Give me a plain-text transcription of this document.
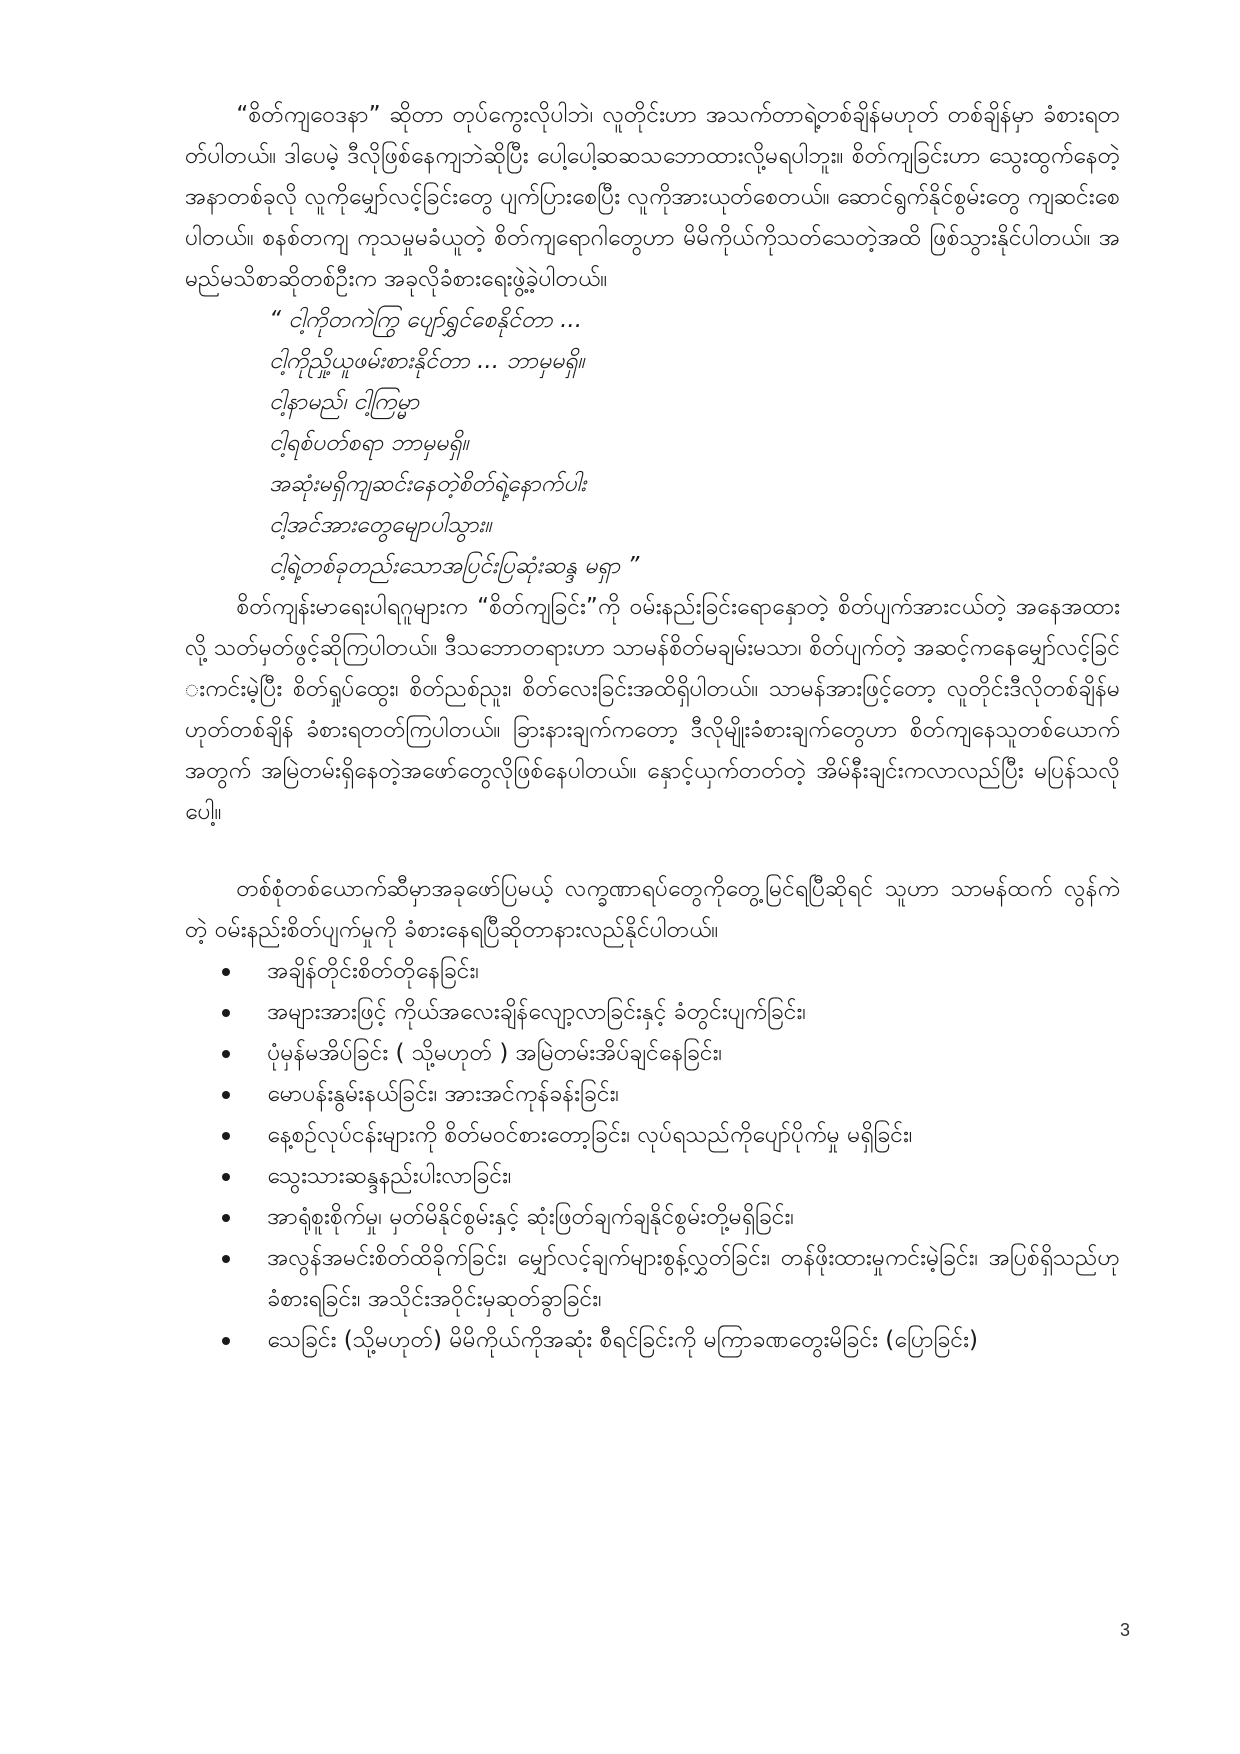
“စိတ်ကျဝေဒနာ” ဆိုတာ တုပ်ကွေးလိုပါဘဲ၊ လူတိုင်းဟာ အသက်တာရဲ့တစ်ချိန်မဟုတ် တစ်ချိန်မှာ ခံစားရတတ်ပါတယ်။ ဒါပေမဲ့ ဒီလိုဖြစ်နေကျဘဲဆိုပြီး ပေါ့ပေါ့ဆဆသဘောထားလို့မရပါဘူး။ စိတ်ကျခြင်းဟာ သွေးထွက်နေတဲ့အနာတစ်ခုလို လူကိုမျှော်လင့်ခြင်းတွေ ပျက်ပြားစေပြီး လူကိုအားယုတ်စေတယ်။ ဆောင်ရွက်နိုင်စွမ်းတွေ ကျဆင်းစေပါတယ်။ စနစ်တကျ ကုသမှုမခံယူတဲ့ စိတ်ကျရောဂါတွေဟာ မိမိကိုယ်ကိုသတ်သေတဲ့အထိ ဖြစ်သွားနိုင်ပါတယ်။ အမည်မသိစာဆိုတစ်ဦးက အခုလိုခံစားရေးဖွဲ့ခဲ့ပါတယ်။

“ ငါ့ကိုတကဲကြွ ပျော်ရွှင်စေနိုင်တာ ...
ငါ့ကိုညှို့ယူဖမ်းစားနိုင်တာ ... ဘာမှမရှိ။
ငါ့နာမည်၊ ငါ့ကြမ္မာ
ငါ့ရစ်ပတ်စရာ ဘာမှမရှိ။
အဆုံးမရှိကျဆင်းနေတဲ့စိတ်ရဲ့နောက်ပါး
ငါ့အင်အားတွေမျောပါသွား။
ငါ့ရဲ့တစ်ခုတည်းသောအပြင်းပြဆုံးဆန္ဒ မရှာ ”

စိတ်ကျန်းမာရေးပါရဂူများက “စိတ်ကျခြင်း”ကို ဝမ်းနည်းခြင်းရောနှောတဲ့ စိတ်ပျက်အားငယ်တဲ့ အနေအထားလို့ သတ်မှတ်ဖွင့်ဆိုကြပါတယ်။ ဒီသဘောတရားဟာ သာမန်စိတ်မချမ်းမသာ၊ စိတ်ပျက်တဲ့ အဆင့်ကနေမျှော်လင့်ခြင်းကင်းမဲ့ပြီး စိတ်ရှုပ်ထွေး၊ စိတ်ညစ်ညူး၊ စိတ်လေးခြင်းအထိရှိပါတယ်။ သာမန်အားဖြင့်တော့ လူတိုင်းဒီလိုတစ်ချိန်မဟုတ်တစ်ချိန် ခံစားရတတ်ကြပါတယ်။ ခြားနားချက်ကတော့ ဒီလိုမျိုးခံစားချက်တွေဟာ စိတ်ကျနေသူတစ်ယောက်အတွက် အမြဲတမ်းရှိနေတဲ့အဖော်တွေလိုဖြစ်နေပါတယ်။ နှောင့်ယှက်တတ်တဲ့ အိမ်နီးချင်းကလာလည်ပြီး မပြန်သလိုပေါ့။

တစ်စုံတစ်ယောက်ဆီမှာအခုဖော်ပြမယ့် လက္ခဏာရပ်တွေကိုတွေ့မြင်ရပြီဆိုရင် သူဟာ သာမန်ထက် လွန်ကဲတဲ့ ဝမ်းနည်းစိတ်ပျက်မှုကို ခံစားနေရပြီဆိုတာနားလည်နိုင်ပါတယ်။

အချိန်တိုင်းစိတ်တိုနေခြင်း၊
အများအားဖြင့် ကိုယ်အလေးချိန်လျော့လာခြင်းနှင့် ခံတွင်းပျက်ခြင်း၊
ပုံမှန်မအိပ်ခြင်း ( သို့မဟုတ် ) အမြဲတမ်းအိပ်ချင်နေခြင်း၊
မောပန်းနွမ်းနယ်ခြင်း၊ အားအင်ကုန်ခန်းခြင်း၊
နေ့စဉ်လုပ်ငန်းများကို စိတ်မဝင်စားတော့ခြင်း၊ လုပ်ရသည်ကိုပျော်ပိုက်မှု မရှိခြင်း၊
သွေးသားဆန္ဒနည်းပါးလာခြင်း၊
အာရုံစူးစိုက်မှု၊ မှတ်မိနိုင်စွမ်းနှင့် ဆုံးဖြတ်ချက်ချနိုင်စွမ်းတို့မရှိခြင်း၊
အလွန်အမင်းစိတ်ထိခိုက်ခြင်း၊ မျှော်လင့်ချက်များစွန့်လွှတ်ခြင်း၊ တန်ဖိုးထားမှုကင်းမဲ့ခြင်း၊ အပြစ်ရှိသည်ဟုခံစားရခြင်း၊ အသိုင်းအဝိုင်းမှဆုတ်ခွာခြင်း၊
သေခြင်း (သို့မဟုတ်) မိမိကိုယ်ကိုအဆုံး စီရင်ခြင်းကို မကြာခဏတွေးမိခြင်း (ပြောခြင်း)
3
